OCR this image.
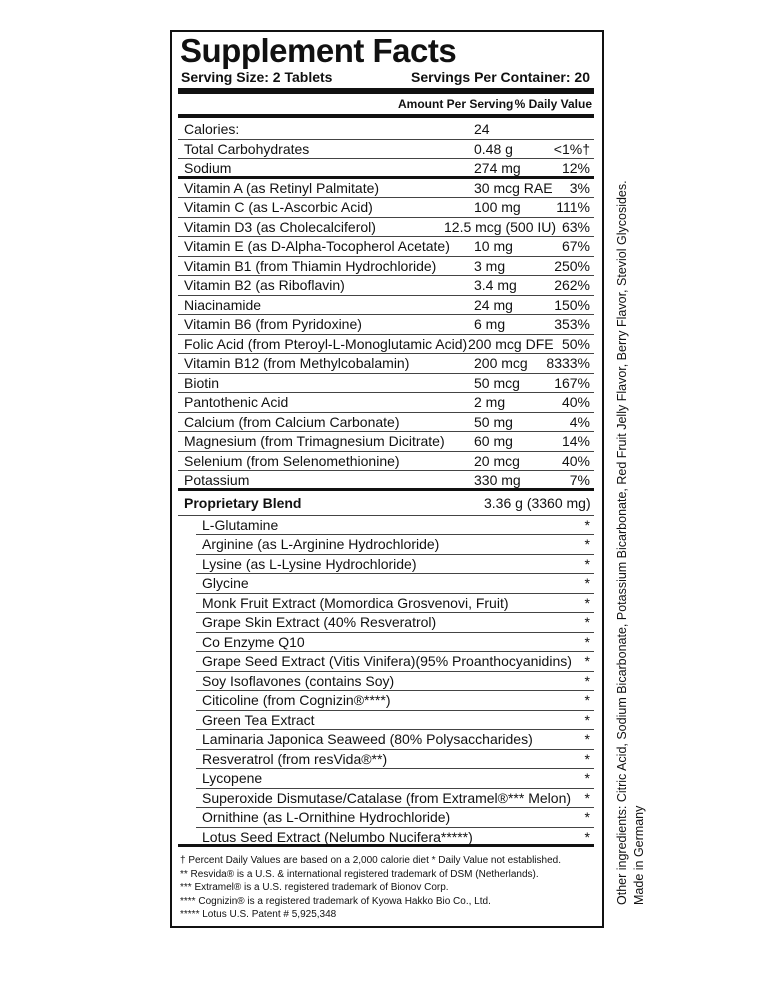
Supplement Facts
Serving Size: 2 Tablets	Servings Per Container: 20
Amount Per Serving % Daily Value
Calories:	24
Total Carbohydrates	0.48 g	<1%†
Sodium	274 mg	12%
Vitamin A (as Retinyl Palmitate)	30 mcg RAE 3%
Vitamin C (as L-Ascorbic Acid)	100 mg	111%
Vitamin D3 (as Cholecalciferol)	12.5 mcg (500 IU) 63%
Vitamin E (as D-Alpha-Tocopherol Acetate) 10 mg	67%
Vitamin B1 (from Thiamin Hydrochloride)	3 mg	250%
Vitamin B2 (as Riboflavin)	3.4 mg	262%
Niacinamide	24 mg	150%
Vitamin B6 (from Pyridoxine)	6 mg	353%
Folic Acid (from Pteroyl-L-Monoglutamic Acid) 200 mcg DFE 50%
Vitamin B12 (from Methylcobalamin)	200 mcg 8333%
Biotin	50 mcg 167%
Pantothenic Acid	2 mg	40%
Calcium (from Calcium Carbonate)	50 mg	4%
Magnesium (from Trimagnesium Dicitrate) 60 mg	14%
Selenium (from Selenomethionine)	20 mcg	40%
Potassium	330 mg	7%
Proprietary Blend	3.36 g (3360 mg)
L-Glutamine	*
Arginine (as L-Arginine Hydrochloride)	*
Lysine (as L-Lysine Hydrochloride)	*
Glycine	*
Monk Fruit Extract (Momordica Grosvenovi, Fruit)	*
Grape Skin Extract (40% Resveratrol)	*
Co Enzyme Q10	*
Grape Seed Extract (Vitis Vinifera)(95% Proanthocyanidins) *
Soy Isoflavones (contains Soy)	*
Citicoline (from Cognizin®****)	*
Green Tea Extract	*
Laminaria Japonica Seaweed (80% Polysaccharides)	*
Resveratrol (from resVida®**)	*
Lycopene	*
Superoxide Dismutase/Catalase (from Extramel®*** Melon) *
Ornithine (as L-Ornithine Hydrochloride)	*
Lotus Seed Extract (Nelumbo Nucifera*****)	*
† Percent Daily Values are based on a 2,000 calorie diet * Daily Value not established.
** Resvida® is a U.S. & international registered trademark of DSM (Netherlands).
*** Extramel® is a U.S. registered trademark of Bionov Corp.
**** Cognizin® is a registered trademark of Kyowa Hakko Bio Co., Ltd.
***** Lotus U.S. Patent # 5,925,348
Other ingredients: Citric Acid, Sodium Bicarbonate, Potassium Bicarbonate, Red Fruit Jelly Flavor, Berry Flavor, Steviol Glycosides. Made in Germany
